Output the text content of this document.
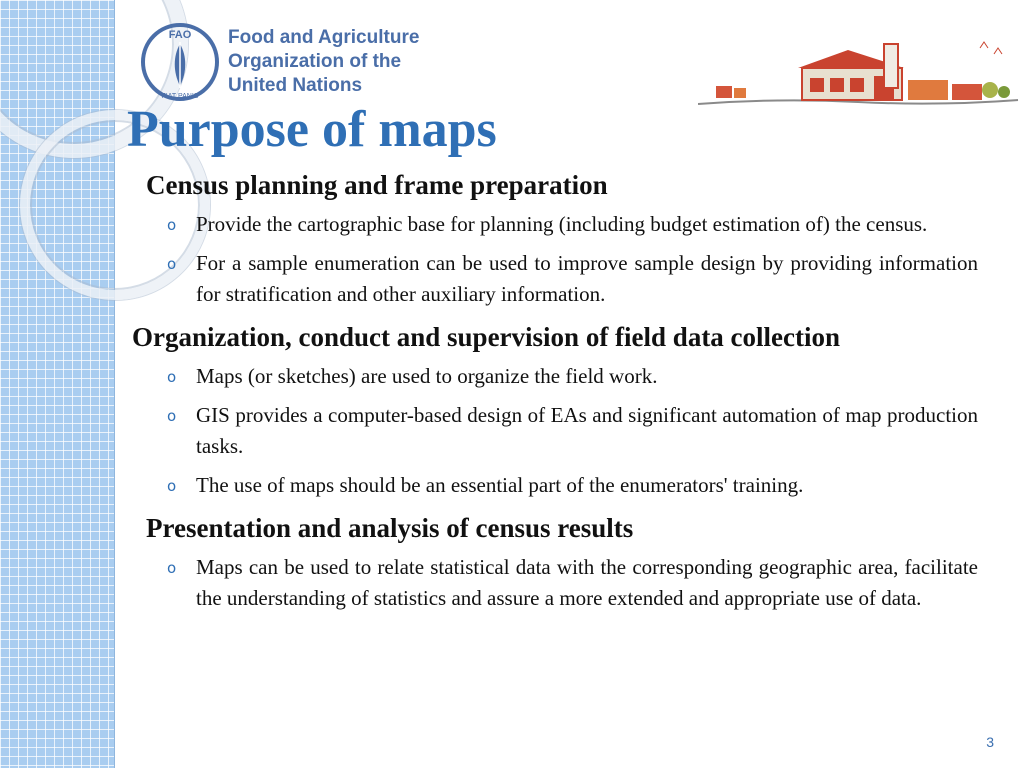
FAO
FIAT PANIS
Food and Agriculture
Organization of the
United Nations
Purpose of maps
Census planning and frame preparation
o Provide the cartographic base for planning (including budget estimation of) the census.
o For a sample enumeration can be used to improve sample design by providing information for stratification and other auxiliary information.
Organization, conduct and supervision of field data collection
o Maps (or sketches) are used to organize the field work.
o GIS provides a computer-based design of EAs and significant automation of map production tasks.
o The use of maps should be an essential part of the enumerators' training.
Presentation and analysis of census results
o Maps can be used to relate statistical data with the corresponding geographic area, facilitate the understanding of statistics and assure a more extended and appropriate use of data.
3
